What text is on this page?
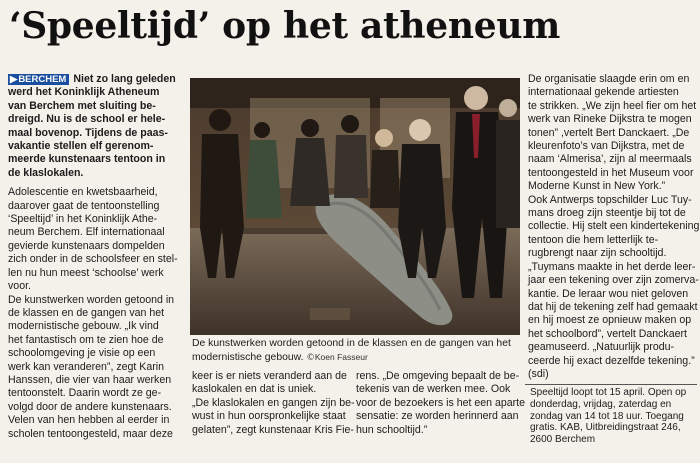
‘Speeltijd’ op het atheneum

▶BERCHEM Niet zo lang geleden

werd het Koninklijk Atheneum

van Berchem met sluiting be-

dreigd. Nu is de school er hele-

maal bovenop. Tijdens de paas-

vakantie stellen elf gerenom-

meerde kunstenaars tentoon in

de klaslokalen.

Adolescentie en kwetsbaarheid,

daarover gaat de tentoonstelling

‘Speeltijd’ in het Koninklijk Athe-

neum Berchem. Elf internationaal

gevierde kunstenaars dompelden

zich onder in de schoolsfeer en stel-

len nu hun meest ‘schoolse’ werk

voor.

De kunstwerken worden getoond in

de klassen en de gangen van het

modernistische gebouw. „Ik vind

het fantastisch om te zien hoe de

schoolomgeving je visie op een

werk kan veranderen”, zegt Karin

Hanssen, die vier van haar werken

tentoonstelt. Daarin wordt ze ge-

volgd door de andere kunstenaars.

Velen van hen hebben al eerder in

scholen tentoongesteld, maar deze

De kunstwerken worden getoond in de klassen en de gangen van het

modernistische gebouw. ©Koen Fasseur

keer is er niets veranderd aan de

kaslokalen en dat is uniek.

„De klaslokalen en gangen zijn be-

wust in hun oorspronkelijke staat

gelaten”, zegt kunstenaar Kris Fie-

rens. „De omgeving bepaalt de be-

tekenis van de werken mee. Ook

voor de bezoekers is het een aparte

sensatie: ze worden herinnerd aan

hun schooltijd.”

De organisatie slaagde erin om en

internationaal gekende artiesten

te strikken. „We zijn heel fier om het

werk van Rineke Dijkstra te mogen

tonen” ,vertelt Bert Danckaert. „De

kleurenfoto’s van Dijkstra, met de

naam ‘Almerisa’, zijn al meermaals

tentoongesteld in het Museum voor

Moderne Kunst in New York.”

Ook Antwerps topschilder Luc Tuy-

mans droeg zijn steentje bij tot de

collectie. Hij stelt een kindertekening

tentoon die hem letterlijk te-

rugbrengt naar zijn schooltijd.

„Tuymans maakte in het derde leer-

jaar een tekening over zijn zomerva-

kantie. De leraar wou niet geloven

dat hij de tekening zelf had gemaakt

en hij moest ze opnieuw maken op

het schoolbord”, vertelt Danckaert

geamuseerd. „Natuurlijk produ-

ceerde hij exact dezelfde tekening.”

(sdi)

Speeltijd loopt tot 15 april. Open op

donderdag, vrijdag, zaterdag en

zondag van 14 tot 18 uur. Toegang

gratis. KAB, Uitbreidingstraat 246,

2600 Berchem
